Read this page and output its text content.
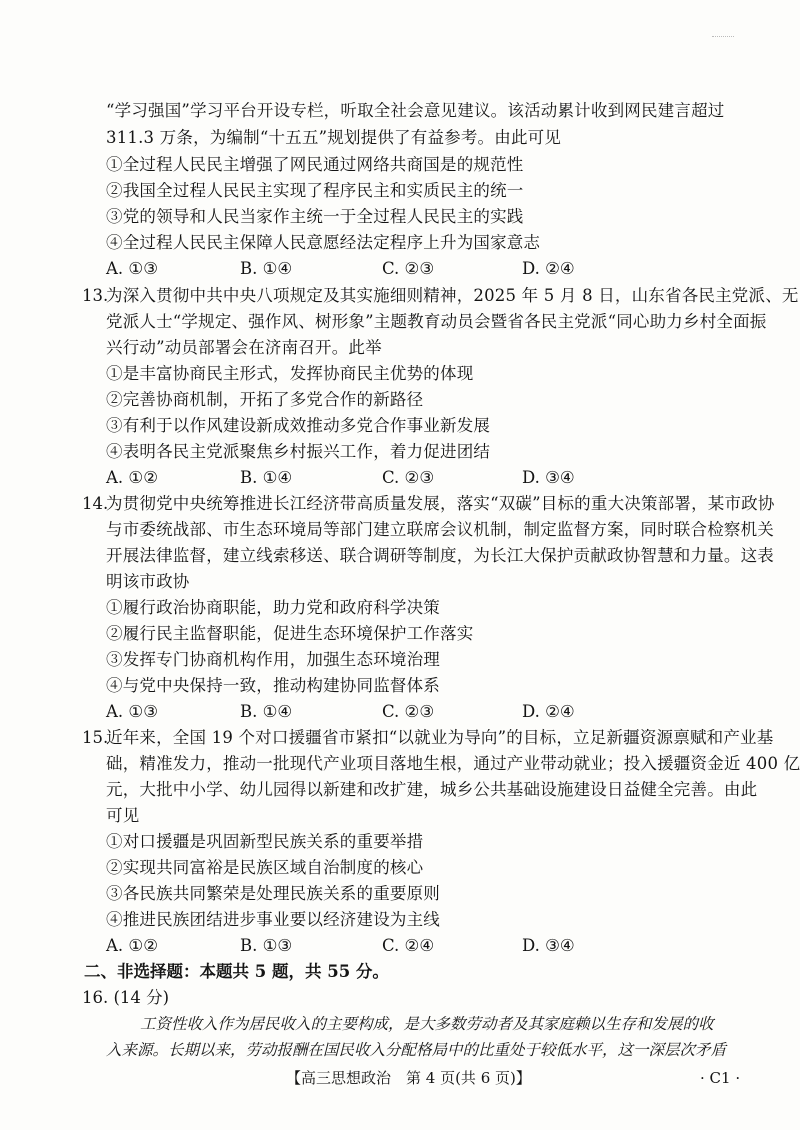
“学习强国”学习平台开设专栏，听取全社会意见建议。该活动累计收到网民建言超过
311.3 万条，为编制“十五五”规划提供了有益参考。由此可见
①全过程人民民主增强了网民通过网络共商国是的规范性
②我国全过程人民民主实现了程序民主和实质民主的统一
③党的领导和人民当家作主统一于全过程人民民主的实践
④全过程人民民主保障人民意愿经法定程序上升为国家意志
A. ①③	B. ①④	C. ②③	D. ②④
13.
为深入贯彻中共中央八项规定及其实施细则精神，2025 年 5 月 8 日，山东省各民主党派、无
党派人士“学规定、强作风、树形象”主题教育动员会暨省各民主党派“同心助力乡村全面振
兴行动”动员部署会在济南召开。此举
①是丰富协商民主形式，发挥协商民主优势的体现
②完善协商机制，开拓了多党合作的新路径
③有利于以作风建设新成效推动多党合作事业新发展
④表明各民主党派聚焦乡村振兴工作，着力促进团结
A. ①②	B. ①④	C. ②③	D. ③④
14.
为贯彻党中央统筹推进长江经济带高质量发展，落实“双碳”目标的重大决策部署，某市政协
与市委统战部、市生态环境局等部门建立联席会议机制，制定监督方案，同时联合检察机关
开展法律监督，建立线索移送、联合调研等制度，为长江大保护贡献政协智慧和力量。这表
明该市政协
①履行政治协商职能，助力党和政府科学决策
②履行民主监督职能，促进生态环境保护工作落实
③发挥专门协商机构作用，加强生态环境治理
④与党中央保持一致，推动构建协同监督体系
A. ①③	B. ①④	C. ②③	D. ②④
15.
近年来，全国 19 个对口援疆省市紧扣“以就业为导向”的目标，立足新疆资源禀赋和产业基
础，精准发力，推动一批现代产业项目落地生根，通过产业带动就业；投入援疆资金近 400 亿
元，大批中小学、幼儿园得以新建和改扩建，城乡公共基础设施建设日益健全完善。由此
可见
①对口援疆是巩固新型民族关系的重要举措
②实现共同富裕是民族区域自治制度的核心
③各民族共同繁荣是处理民族关系的重要原则
④推进民族团结进步事业要以经济建设为主线
A. ①②	B. ①③	C. ②④	D. ③④
二、非选择题：本题共 5 题，共 55 分。
16. (14 分)
工资性收入作为居民收入的主要构成，是大多数劳动者及其家庭赖以生存和发展的收
入来源。长期以来，劳动报酬在国民收入分配格局中的比重处于较低水平，这一深层次矛盾
【高三思想政治　第 4 页(共 6 页)】	· C1 ·
